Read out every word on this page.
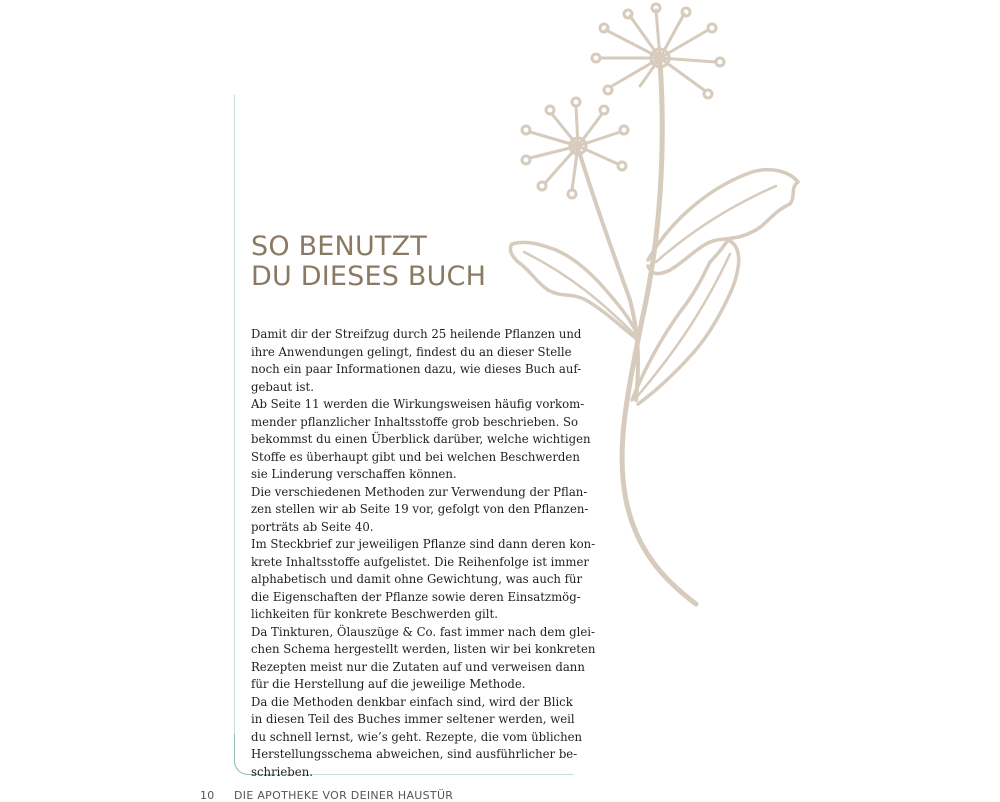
SO BENUTZT
DU DIESES BUCH
Damit dir der Streifzug durch 25 heilende Pflanzen und
ihre Anwendungen gelingt, findest du an dieser Stelle
noch ein paar Informationen dazu, wie dieses Buch auf-
gebaut ist.
Ab Seite 11 werden die Wirkungsweisen häufig vorkom-
mender pflanzlicher Inhaltsstoffe grob beschrieben. So
bekommst du einen Überblick darüber, welche wichtigen
Stoffe es überhaupt gibt und bei welchen Beschwerden
sie Linderung verschaffen können.
Die verschiedenen Methoden zur Verwendung der Pflan-
zen stellen wir ab Seite 19 vor, gefolgt von den Pflanzen-
porträts ab Seite 40.
Im Steckbrief zur jeweiligen Pflanze sind dann deren kon-
krete Inhaltsstoffe aufgelistet. Die Reihenfolge ist immer
alphabetisch und damit ohne Gewichtung, was auch für
die Eigenschaften der Pflanze sowie deren Einsatzmög-
lichkeiten für konkrete Beschwerden gilt.
Da Tinkturen, Ölauszüge & Co. fast immer nach dem glei-
chen Schema hergestellt werden, listen wir bei konkreten
Rezepten meist nur die Zutaten auf und verweisen dann
für die Herstellung auf die jeweilige Methode.
Da die Methoden denkbar einfach sind, wird der Blick
in diesen Teil des Buches immer seltener werden, weil
du schnell lernst, wie’s geht. Rezepte, die vom üblichen
Herstellungsschema abweichen, sind ausführlicher be-
schrieben.
10 DIE APOTHEKE VOR DEINER HAUSTÜR
